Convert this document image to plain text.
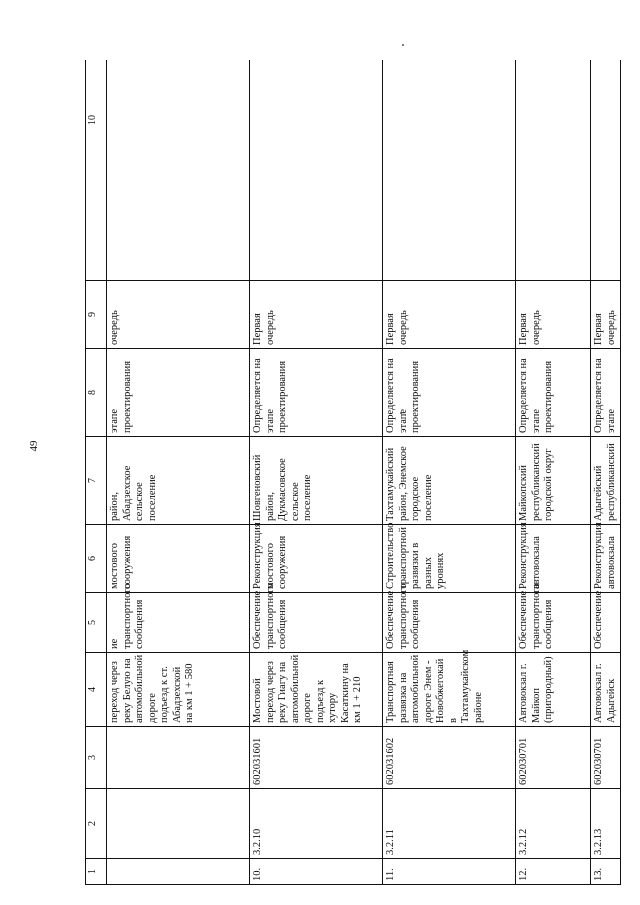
49
1	2	3	4	5	6	7	8	9	10
			переход через реку Белую на автомобильной дороге подъезд к ст. Абадзехской на км 1 + 580	ие транспортного сообщения	мостового сооружения	район, Абадзехское сельское поселение	этапе проектирования	очередь	
10.	3.2.10	602031601	Мостовой переход через реку Гиагу на автомобильной дороге подъезд к хутору Касаткину на км 1 + 210	Обеспечение транспортного сообщения	Реконструкция мостового сооружения	Шовгеновский район, Дукмасовское сельское поселение	Определяется на этапе проектирования	Первая очередь	
11.	3.2.11	602031602	Транспортная развязка на автомобильной дороге Энем - Новобжегокай в Тахтамукайском районе	Обеспечение транспортного сообщения	Строительство транспортной развязки в разных уровнях	Тахтамукайский район, Энемское городское поселение	Определяется на этапе проектирования	Первая очередь	
12.	3.2.12	602030701	Автовокзал г. Майкоп (пригородный)	Обеспечение транспортного сообщения	Реконструкция автовокзала	Майкопский республиканский городской округ	Определяется на этапе проектирования	Первая очередь	
13.	3.2.13	602030701	Автовокзал г. Адыгейск	Обеспечение	Реконструкция автовокзала	Адыгейский республиканский	Определяется на этапе	Первая очередь	
